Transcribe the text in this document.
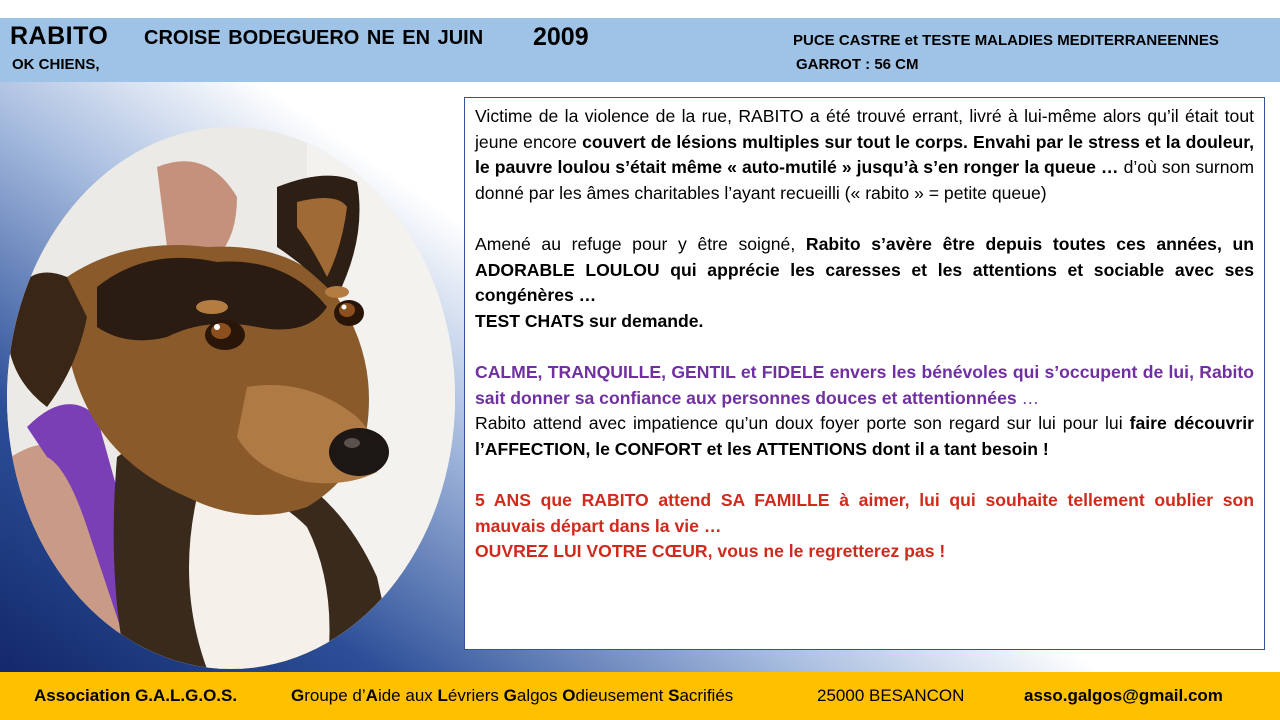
RABITO CROISE BODEGUERO NE EN JUIN 2009
OK CHIENS,
PUCE CASTRE et TESTE MALADIES MEDITERRANEENNES
GARROT : 56 CM

Victime de la violence de la rue, RABITO a été trouvé errant, livré à lui-même alors qu’il était tout jeune encore couvert de lésions multiples sur tout le corps. Envahi par le stress et la douleur, le pauvre loulou s’était même « auto-mutilé » jusqu’à s’en ronger la queue … d’où son surnom donné par les âmes charitables l’ayant recueilli (« rabito » = petite queue)

Amené au refuge pour y être soigné, Rabito s’avère être depuis toutes ces années, un ADORABLE LOULOU qui apprécie les caresses et les attentions et sociable avec ses congénères …

TEST CHATS sur demande.

CALME, TRANQUILLE, GENTIL et FIDELE envers les bénévoles qui s’occupent de lui, Rabito sait donner sa confiance aux personnes douces et attentionnées …

Rabito attend avec impatience qu’un doux foyer porte son regard sur lui pour lui faire découvrir l’AFFECTION, le CONFORT et les ATTENTIONS dont il a tant besoin !

5 ANS que RABITO attend SA FAMILLE à aimer, lui qui souhaite tellement oublier son mauvais départ dans la vie …

OUVREZ LUI VOTRE CŒUR, vous ne le regretterez pas !

Association G.A.L.G.O.S.	Groupe d’Aide aux Lévriers Galgos Odieusement Sacrifiés	25000 BESANCON	asso.galgos@gmail.com
